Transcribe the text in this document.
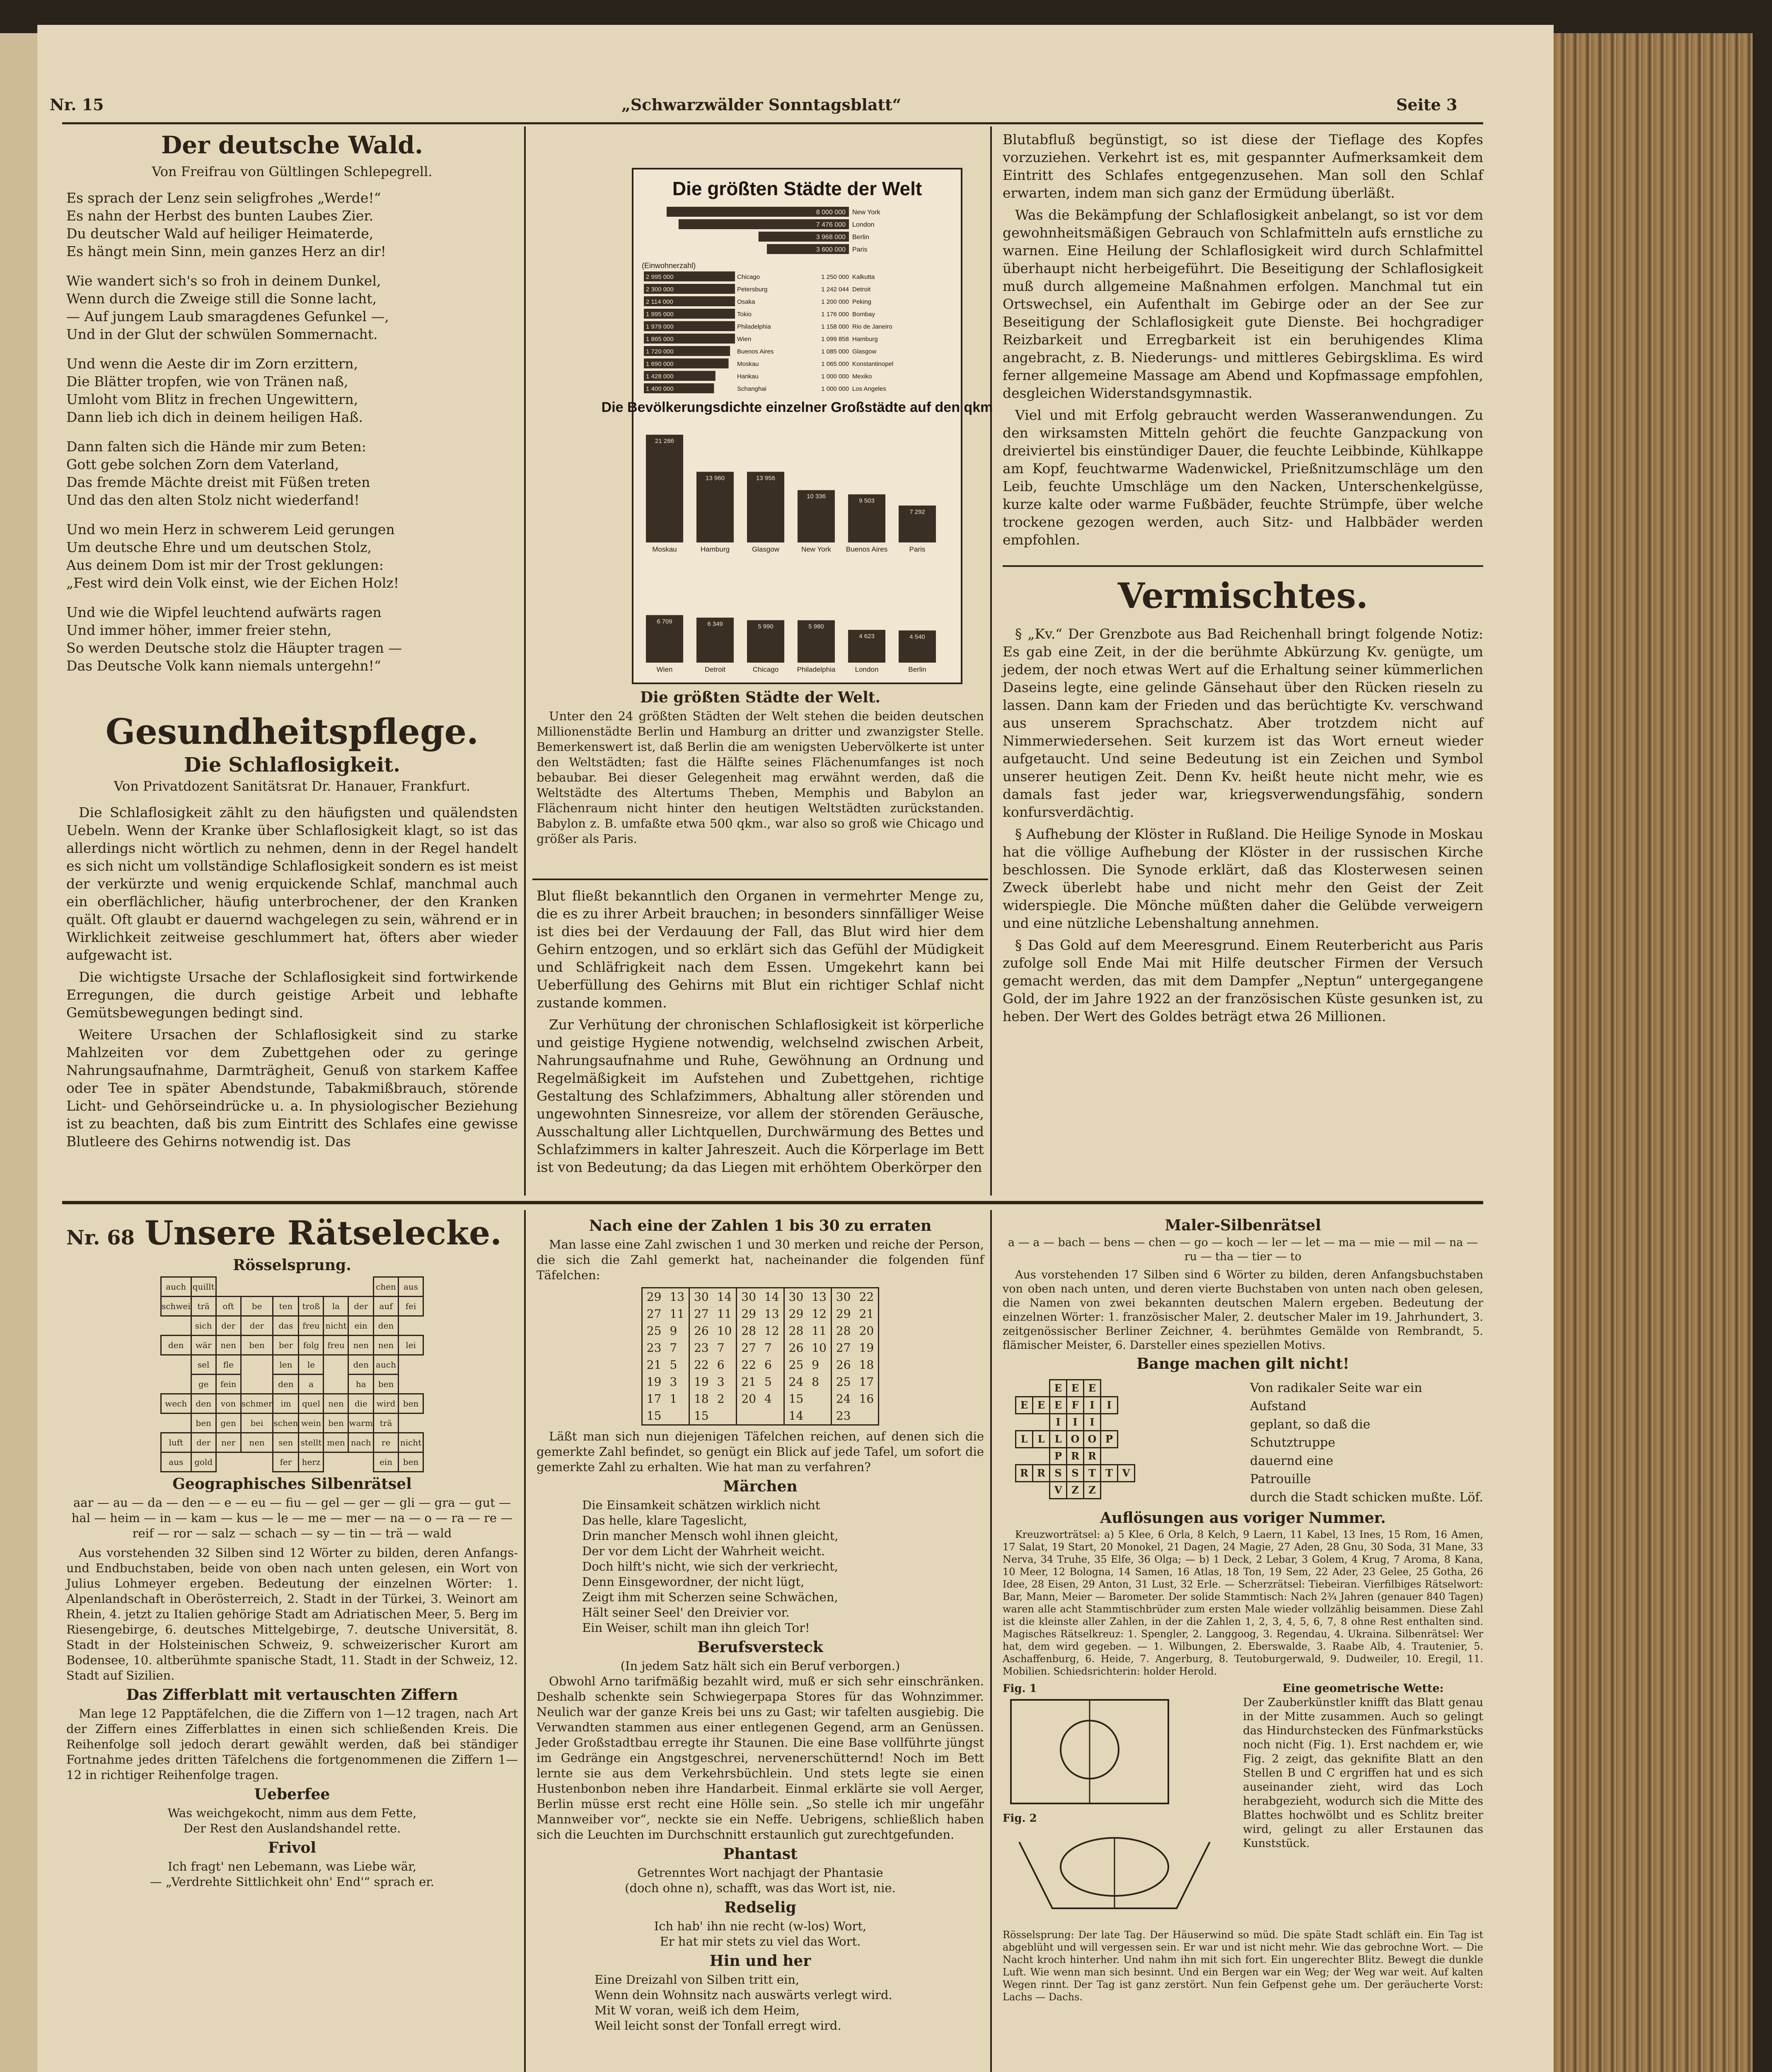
Nr. 15	„Schwarzwälder Sonntagsblatt“	Seite 3
Der deutsche Wald.
Von Freifrau von Gültlingen Schlepegrell.
Es sprach der Lenz sein seligfrohes „Werde!“
Es nahn der Herbst des bunten Laubes Zier.
Du deutscher Wald auf heiliger Heimaterde,
Es hängt mein Sinn, mein ganzes Herz an dir!
Wie wandert sich's so froh in deinem Dunkel,
Wenn durch die Zweige still die Sonne lacht,
— Auf jungem Laub smaragdenes Gefunkel —,
Und in der Glut der schwülen Sommernacht.
Und wenn die Aeste dir im Zorn erzittern,
Die Blätter tropfen, wie von Tränen naß,
Umloht vom Blitz in frechen Ungewittern,
Dann lieb ich dich in deinem heiligen Haß.
Dann falten sich die Hände mir zum Beten:
Gott gebe solchen Zorn dem Vaterland,
Das fremde Mächte dreist mit Füßen treten
Und das den alten Stolz nicht wiederfand!
Und wo mein Herz in schwerem Leid gerungen
Um deutsche Ehre und um deutschen Stolz,
Aus deinem Dom ist mir der Trost geklungen:
„Fest wird dein Volk einst, wie der Eichen Holz!
Und wie die Wipfel leuchtend aufwärts ragen
Und immer höher, immer freier stehn,
So werden Deutsche stolz die Häupter tragen —
Das Deutsche Volk kann niemals untergehn!“
Gesundheitspflege.
Die Schlaflosigkeit.
Von Privatdozent Sanitätsrat Dr. Hanauer, Frankfurt.

Die Schlaflosigkeit zählt zu den häufigsten und quälendsten Uebeln. Wenn der Kranke über Schlaflosigkeit klagt, so ist das allerdings nicht wörtlich zu nehmen, denn in der Regel handelt es sich nicht um vollständige Schlaflosigkeit sondern es ist meist der verkürzte und wenig erquickende Schlaf, manchmal auch ein oberflächlicher, häufig unterbrochener, der den Kranken quält. Oft glaubt er dauernd wachgelegen zu sein, während er in Wirklichkeit zeitweise geschlummert hat, öfters aber wieder aufgewacht ist.

Die wichtigste Ursache der Schlaflosigkeit sind fortwirkende Erregungen, die durch geistige Arbeit und lebhafte Gemütsbewegungen bedingt sind.

Weitere Ursachen der Schlaflosigkeit sind zu starke Mahlzeiten vor dem Zubettgehen oder zu geringe Nahrungsaufnahme, Darmträgheit, Genuß von starkem Kaffee oder Tee in später Abendstunde, Tabakmißbrauch, störende Licht- und Gehörseindrücke u. a. In physiologischer Beziehung ist zu beachten, daß bis zum Eintritt des Schlafes eine gewisse Blutleere des Gehirns notwendig ist. Das

Die größten Städte der Welt
(Einwohnerzahl)
8 000 000 New York
7 476 000 London
3 968 000 Berlin
3 600 000 Paris
2 995 000	Chicago	1 250 000 Kalkutta
2 300 000	Petersburg	1 242 044 Detroit
2 114 000	Osaka	1 200 000 Peking
1 995 000	Tokio	1 176 000 Bombay
1 979 000	Philadelphia	1 158 000 Rio de Janeiro
1 865 000	Wien	1 099 858 Hamburg
1 720 000	Buenos Aires	1 085 000 Glasgow
1 690 000	Moskau	1 065 000 Konstantinopel
1 428 000	Hankau	1 000 000 Mexiko
1 400 000	Schanghai	1 000 000 Los Angeles
Die Bevölkerungsdichte einzelner Großstädte auf den qkm
21 286
Moskau
13 960
Hamburg
13 956
Glasgow
10 336
New York
9 503
Buenos Aires
7 292
Paris
6 709
Wien
6 349
Detroit
5 990
Chicago
5 980
Philadelphia
4 623
London
4 540
Berlin
Die größten Städte der Welt.

Unter den 24 größten Städten der Welt stehen die beiden deutschen Millionenstädte Berlin und Hamburg an dritter und zwanzigster Stelle. Bemerkenswert ist, daß Berlin die am wenigsten Uebervölkerte ist unter den Weltstädten; fast die Hälfte seines Flächenumfanges ist noch bebaubar. Bei dieser Gelegenheit mag erwähnt werden, daß die Weltstädte des Altertums Theben, Memphis und Babylon an Flächenraum nicht hinter den heutigen Weltstädten zurückstanden. Babylon z. B. umfaßte etwa 500 qkm., war also so groß wie Chicago und größer als Paris.

Blut fließt bekanntlich den Organen in vermehrter Menge zu, die es zu ihrer Arbeit brauchen; in besonders sinnfälliger Weise ist dies bei der Verdauung der Fall, das Blut wird hier dem Gehirn entzogen, und so erklärt sich das Gefühl der Müdigkeit und Schläfrigkeit nach dem Essen. Umgekehrt kann bei Ueberfüllung des Gehirns mit Blut ein richtiger Schlaf nicht zustande kommen.

Zur Verhütung der chronischen Schlaflosigkeit ist körperliche und geistige Hygiene notwendig, welchselnd zwischen Arbeit, Nahrungsaufnahme und Ruhe, Gewöhnung an Ordnung und Regelmäßigkeit im Aufstehen und Zubettgehen, richtige Gestaltung des Schlafzimmers, Abhaltung aller störenden und ungewohnten Sinnesreize, vor allem der störenden Geräusche, Ausschaltung aller Lichtquellen, Durchwärmung des Bettes und Schlafzimmers in kalter Jahreszeit. Auch die Körperlage im Bett ist von Bedeutung; da das Liegen mit erhöhtem Oberkörper den

Blutabfluß begünstigt, so ist diese der Tieflage des Kopfes vorzuziehen. Verkehrt ist es, mit gespannter Aufmerksamkeit dem Eintritt des Schlafes entgegenzusehen. Man soll den Schlaf erwarten, indem man sich ganz der Ermüdung überläßt.

Was die Bekämpfung der Schlaflosigkeit anbelangt, so ist vor dem gewohnheitsmäßigen Gebrauch von Schlafmitteln aufs ernstliche zu warnen. Eine Heilung der Schlaflosigkeit wird durch Schlafmittel überhaupt nicht herbeigeführt. Die Beseitigung der Schlaflosigkeit muß durch allgemeine Maßnahmen erfolgen. Manchmal tut ein Ortswechsel, ein Aufenthalt im Gebirge oder an der See zur Beseitigung der Schlaflosigkeit gute Dienste. Bei hochgradiger Reizbarkeit und Erregbarkeit ist ein beruhigendes Klima angebracht, z. B. Niederungs- und mittleres Gebirgsklima. Es wird ferner allgemeine Massage am Abend und Kopfmassage empfohlen, desgleichen Widerstandsgymnastik.

Viel und mit Erfolg gebraucht werden Wasseranwendungen. Zu den wirksamsten Mitteln gehört die feuchte Ganzpackung von dreiviertel bis einstündiger Dauer, die feuchte Leibbinde, Kühlkappe am Kopf, feuchtwarme Wadenwickel, Prießnitzumschläge um den Leib, feuchte Umschläge um den Nacken, Unterschenkelgüsse, kurze kalte oder warme Fußbäder, feuchte Strümpfe, über welche trockene gezogen werden, auch Sitz- und Halbbäder werden empfohlen.

Vermischtes.

§ „Kv.“ Der Grenzbote aus Bad Reichenhall bringt folgende Notiz: Es gab eine Zeit, in der die berühmte Abkürzung Kv. genügte, um jedem, der noch etwas Wert auf die Erhaltung seiner kümmerlichen Daseins legte, eine gelinde Gänsehaut über den Rücken rieseln zu lassen. Dann kam der Frieden und das berüchtigte Kv. verschwand aus unserem Sprachschatz. Aber trotzdem nicht auf Nimmerwiedersehen. Seit kurzem ist das Wort erneut wieder aufgetaucht. Und seine Bedeutung ist ein Zeichen und Symbol unserer heutigen Zeit. Denn Kv. heißt heute nicht mehr, wie es damals fast jeder war, kriegsverwendungsfähig, sondern konfursverdächtig.

§ Aufhebung der Klöster in Rußland. Die Heilige Synode in Moskau hat die völlige Aufhebung der Klöster in der russischen Kirche beschlossen. Die Synode erklärt, daß das Klosterwesen seinen Zweck überlebt habe und nicht mehr den Geist der Zeit widerspiegle. Die Mönche müßten daher die Gelübde verweigern und eine nützliche Lebenshaltung annehmen.

§ Das Gold auf dem Meeresgrund. Einem Reuterbericht aus Paris zufolge soll Ende Mai mit Hilfe deutscher Firmen der Versuch gemacht werden, das mit dem Dampfer „Neptun“ untergegangene Gold, der im Jahre 1922 an der französischen Küste gesunken ist, zu heben. Der Wert des Goldes beträgt etwa 26 Millionen.

Nr. 68 Unsere Rätselecke.
Rösselsprung.
auch	quillt							chen	aus
schwei	trä	oft	be	ten	troß	la	der	auf	fei
	sich	der	der	das	freu	nicht	ein	den	
den	wär	nen	ben	ber	folg	freu	nen	nen	lei
	sel	fle		len	le		den	auch	
	ge	fein		den	a		ha	ben	
wech	den	von	schmer	im	quel	nen	die	wird	ben
	ben	gen	bei	schen	wein	ben	warm	trä	
luft	der	ner	nen	sen	stellt	men	nach	re	nicht
aus	gold			fer	herz			ein	ben
Geographisches Silbenrätsel

aar — au — da — den — e — eu — fiu — gel — ger — gli — gra — gut — hal — heim — in — kam — kus — le — me — mer — na — o — ra — re — reif — ror — salz — schach — sy — tin — trä — wald

Aus vorstehenden 32 Silben sind 12 Wörter zu bilden, deren Anfangs- und Endbuchstaben, beide von oben nach unten gelesen, ein Wort von Julius Lohmeyer ergeben. Bedeutung der einzelnen Wörter: 1. Alpenlandschaft in Oberösterreich, 2. Stadt in der Türkei, 3. Weinort am Rhein, 4. jetzt zu Italien gehörige Stadt am Adriatischen Meer, 5. Berg im Riesengebirge, 6. deutsches Mittelgebirge, 7. deutsche Universität, 8. Stadt in der Holsteinischen Schweiz, 9. schweizerischer Kurort am Bodensee, 10. altberühmte spanische Stadt, 11. Stadt in der Schweiz, 12. Stadt auf Sizilien.

Das Zifferblatt mit vertauschten Ziffern

Man lege 12 Papptäfelchen, die die Ziffern von 1—12 tragen, nach Art der Ziffern eines Zifferblattes in einen sich schließenden Kreis. Die Reihenfolge soll jedoch derart gewählt werden, daß bei ständiger Fortnahme jedes dritten Täfelchens die fortgenommenen die Ziffern 1—12 in richtiger Reihenfolge tragen.

Ueberfee
Was weichgekocht, nimm aus dem Fette,
Der Rest den Auslandshandel rette.
Frivol
Ich fragt' nen Lebemann, was Liebe wär,
— „Verdrehte Sittlichkeit ohn' End'“ sprach er.
Nach eine der Zahlen 1 bis 30 zu erraten

Man lasse eine Zahl zwischen 1 und 30 merken und reiche der Person, die sich die Zahl gemerkt hat, nacheinander die folgenden fünf Täfelchen:

29	13	30	14	30	14	30	13	30	22
27	11	27	11	29	13	29	12	29	21
25	9	26	10	28	12	28	11	28	20
23	7	23	7	27	7	26	10	27	19
21	5	22	6	22	6	25	9	26	18
19	3	19	3	21	5	24	8	25	17
17	1	18	2	20	4	15		24	16
15		15				14		23	

Läßt man sich nun diejenigen Täfelchen reichen, auf denen sich die gemerkte Zahl befindet, so genügt ein Blick auf jede Tafel, um sofort die gemerkte Zahl zu erhalten. Wie hat man zu verfahren?

Märchen
Die Einsamkeit schätzen wirklich nicht
Das helle, klare Tageslicht,
Drin mancher Mensch wohl ihnen gleicht,
Der vor dem Licht der Wahrheit weicht.
Doch hilft's nicht, wie sich der verkriecht,
Denn Einsgewordner, der nicht lügt,
Zeigt ihm mit Scherzen seine Schwächen,
Hält seiner Seel' den Dreivier vor.
Ein Weiser, schilt man ihn gleich Tor!
Berufsversteck
(In jedem Satz hält sich ein Beruf verborgen.)

Obwohl Arno tarifmäßig bezahlt wird, muß er sich sehr einschränken. Deshalb schenkte sein Schwiegerpapa Stores für das Wohnzimmer. Neulich war der ganze Kreis bei uns zu Gast; wir tafelten ausgiebig. Die Verwandten stammen aus einer entlegenen Gegend, arm an Genüssen. Jeder Großstadtbau erregte ihr Staunen. Die eine Base vollführte jüngst im Gedränge ein Angstgeschrei, nervenerschütternd! Noch im Bett lernte sie aus dem Verkehrsbüchlein. Und stets legte sie einen Hustenbonbon neben ihre Handarbeit. Einmal erklärte sie voll Aerger, Berlin müsse erst recht eine Hölle sein. „So stelle ich mir ungefähr Mannweiber vor“, neckte sie ein Neffe. Uebrigens, schließlich haben sich die Leuchten im Durchschnitt erstaunlich gut zurechtgefunden.

Phantast
Getrenntes Wort nachjagt der Phantasie
(doch ohne n), schafft, was das Wort ist, nie.
Redselig
Ich hab' ihn nie recht (w-los) Wort,
Er hat mir stets zu viel das Wort.
Hin und her
Eine Dreizahl von Silben tritt ein,
Wenn dein Wohnsitz nach auswärts verlegt wird.
Mit W voran, weiß ich dem Heim,
Weil leicht sonst der Tonfall erregt wird.
Maler-Silbenrätsel

a — a — bach — bens — chen — go — koch — ler — let — ma — mie — mil — na — ru — tha — tier — to

Aus vorstehenden 17 Silben sind 6 Wörter zu bilden, deren Anfangsbuchstaben von oben nach unten, und deren vierte Buchstaben von unten nach oben gelesen, die Namen von zwei bekannten deutschen Malern ergeben. Bedeutung der einzelnen Wörter: 1. französischer Maler, 2. deutscher Maler im 19. Jahrhundert, 3. zeitgenössischer Berliner Zeichner, 4. berühmtes Gemälde von Rembrandt, 5. flämischer Meister, 6. Darsteller eines speziellen Motivs.

Bange machen gilt nicht!
		E	E	E		
E	E	E	F	I	I	
		I	I	I		
L	L	L	O	O	P	
		P	R	R		
R	R	S	S	T	T	V
		V	Z	Z		
Von radikaler Seite war ein
Aufstand
geplant, so daß die
Schutztruppe
dauernd eine
Patrouille
durch die Stadt schicken mußte. Löf.
Auflösungen aus voriger Nummer.

Kreuzworträtsel: a) 5 Klee, 6 Orla, 8 Kelch, 9 Laern, 11 Kabel, 13 Ines, 15 Rom, 16 Amen, 17 Salat, 19 Start, 20 Monokel, 21 Dagen, 24 Magie, 27 Aden, 28 Gnu, 30 Soda, 31 Mane, 33 Nerva, 34 Truhe, 35 Elfe, 36 Olga; — b) 1 Deck, 2 Lebar, 3 Golem, 4 Krug, 7 Aroma, 8 Kana, 10 Meer, 12 Bologna, 14 Samen, 16 Atlas, 18 Ton, 19 Sem, 22 Ader, 23 Gelee, 25 Gotha, 26 Idee, 28 Eisen, 29 Anton, 31 Lust, 32 Erle. — Scherzrätsel: Tiebeiran. Vierfilbiges Rätselwort: Bar, Mann, Meier — Barometer. Der solide Stammtisch: Nach 2¾ Jahren (genauer 840 Tagen) waren alle acht Stammtischbrüder zum ersten Male wieder vollzählig beisammen. Diese Zahl ist die kleinste aller Zahlen, in der die Zahlen 1, 2, 3, 4, 5, 6, 7, 8 ohne Rest enthalten sind. Magisches Rätselkreuz: 1. Spengler, 2. Langgoog, 3. Regendau, 4. Ukraina. Silbenrätsel: Wer hat, dem wird gegeben. — 1. Wilbungen, 2. Eberswalde, 3. Raabe Alb, 4. Trautenier, 5. Aschaffenburg, 6. Heide, 7. Angerburg, 8. Teutoburgerwald, 9. Dudweiler, 10. Eregil, 11. Mobilien. Schiedsrichterin: holder Herold.

Fig. 1
Fig. 2
Eine geometrische Wette:

Der Zauberkünstler knifft das Blatt genau in der Mitte zusammen. Auch so gelingt das Hindurchstecken des Fünfmarkstücks noch nicht (Fig. 1). Erst nachdem er, wie Fig. 2 zeigt, das geknifite Blatt an den Stellen B und C ergriffen hat und es sich auseinander zieht, wird das Loch herabgezieht, wodurch sich die Mitte des Blattes hochwölbt und es Schlitz breiter wird, gelingt zu aller Erstaunen das Kunststück.

Rösselsprung: Der late Tag. Der Häuserwind so müd. Die späte Stadt schläft ein. Ein Tag ist abgeblüht und will vergessen sein. Er war und ist nicht mehr. Wie das gebrochne Wort. — Die Nacht kroch hinterher. Und nahm ihn mit sich fort. Ein ungerechter Blitz. Bewegt die dunkle Luft. Wie wenn man sich besinnt. Und ein Bergen war ein Weg; der Weg war weit. Auf kalten Wegen rinnt. Der Tag ist ganz zerstört. Nun fein Gefpenst gehe um. Der geräucherte Vorst: Lachs — Dachs.
